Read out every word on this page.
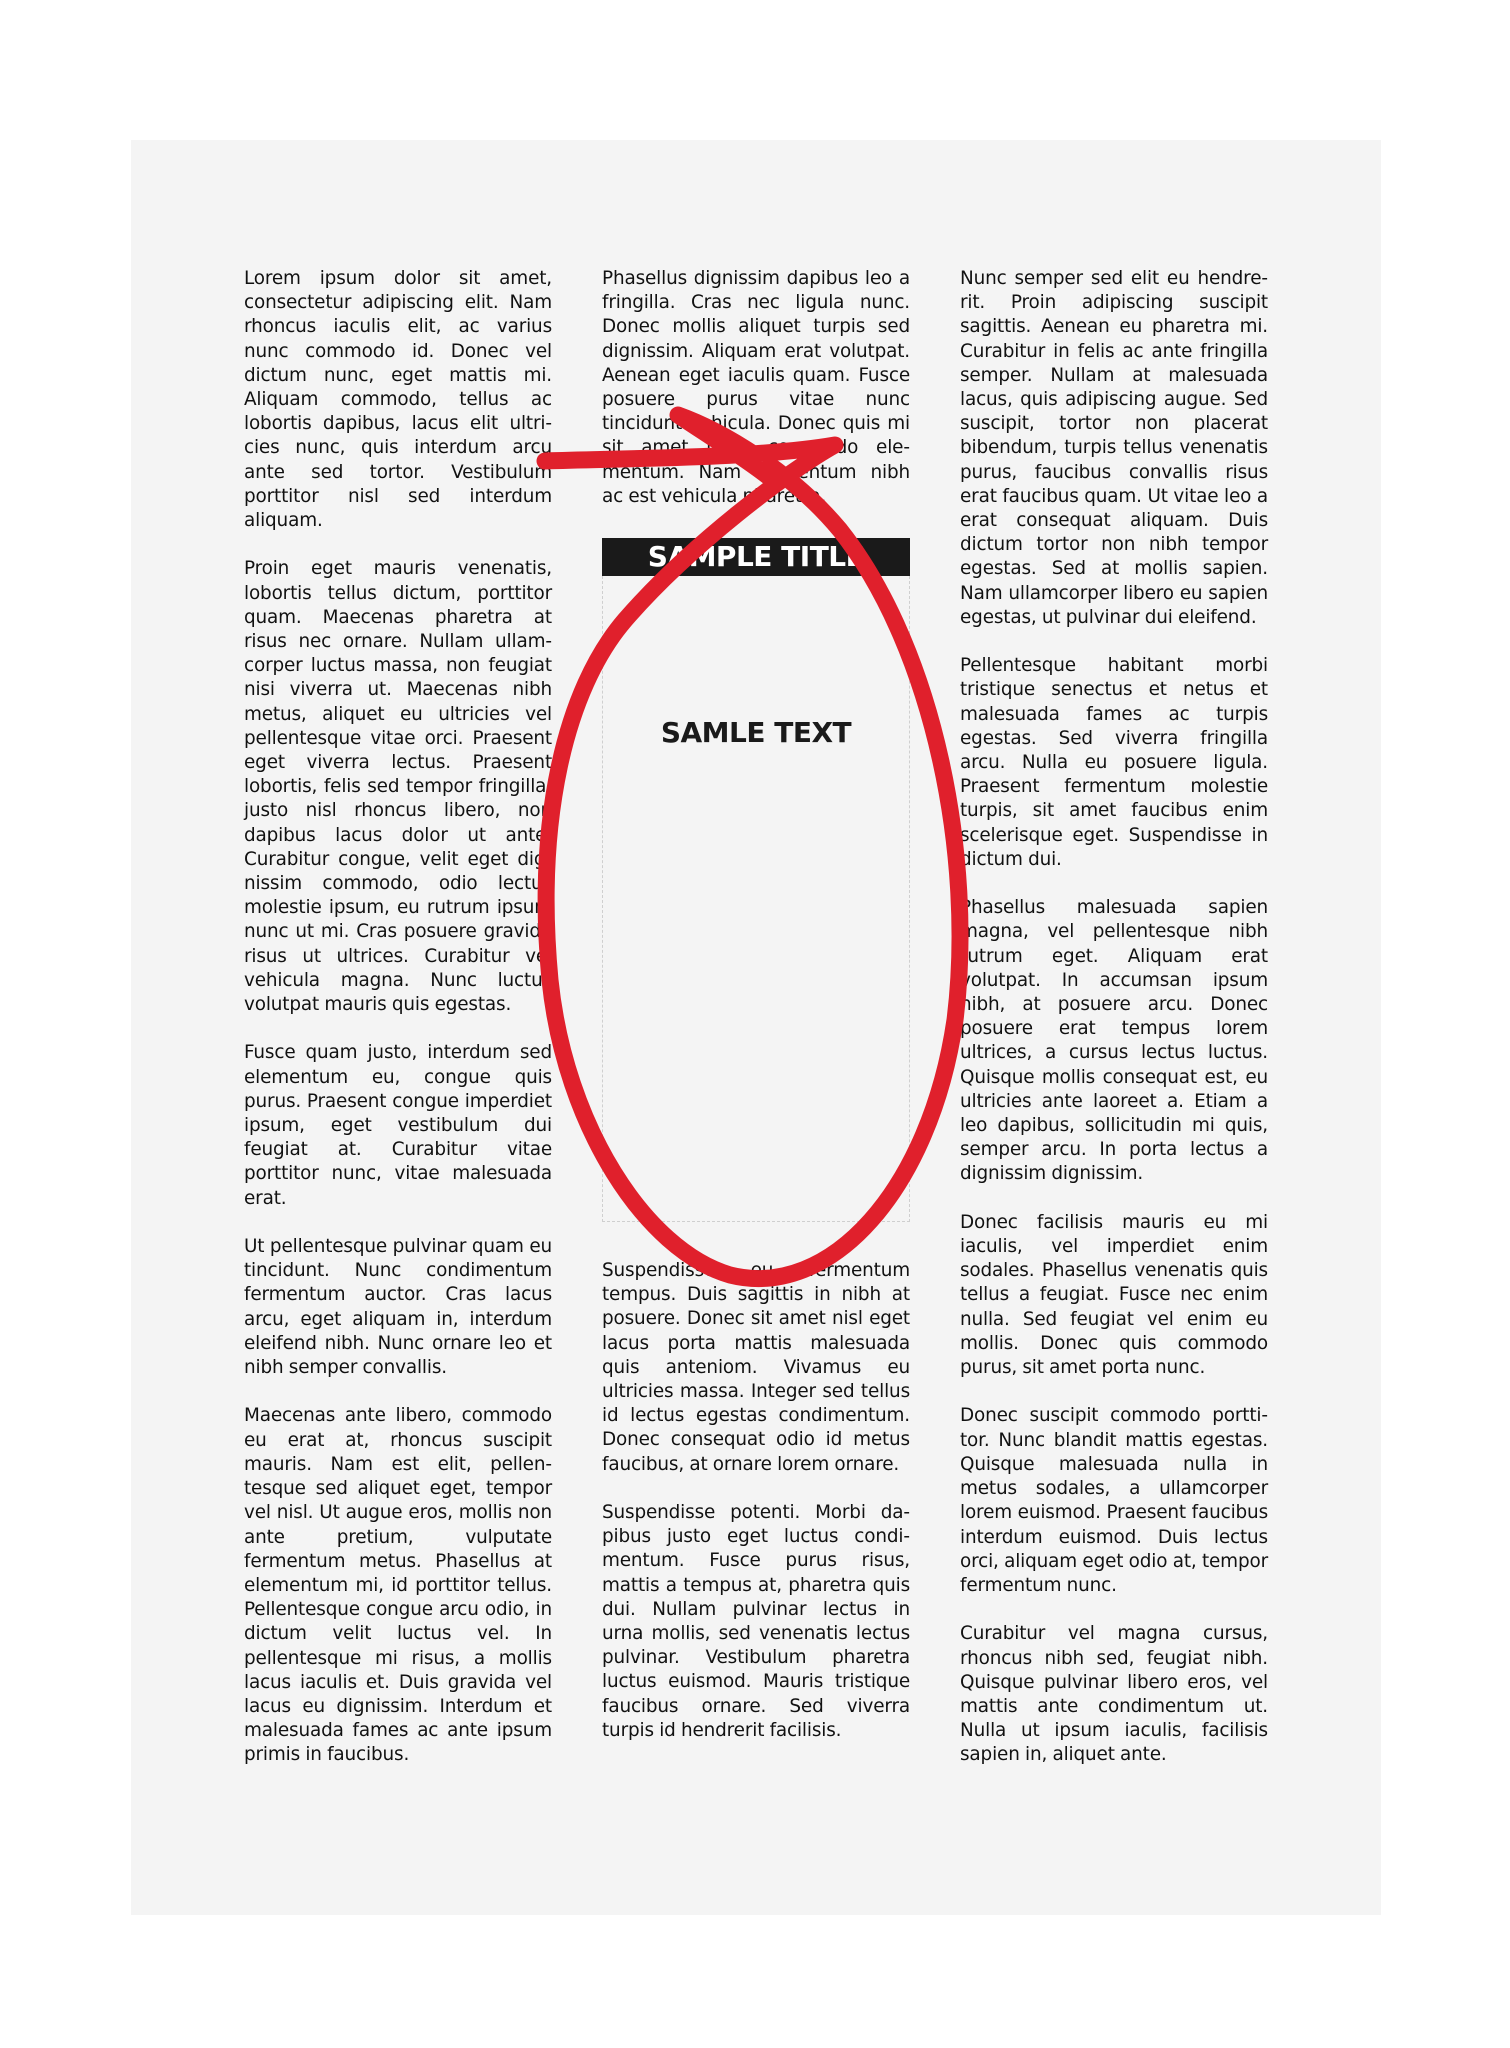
Lorem ipsum dolor sit amet, consectetur adipiscing elit. Nam rhoncus iaculis elit, ac varius nunc commodo id. Donec vel dictum nunc, eget mattis mi. Aliquam commodo, tellus ac lobortis dapibus, lacus elit ultricies nunc, quis interdum arcu ante sed tortor. Vestibulum porttitor nisl sed interdum aliquam.

Proin eget mauris venenatis, lobortis tellus dictum, porttitor quam. Maecenas pharetra at risus nec ornare. Nullam ullamcorper luctus massa, non feugiat nisi viverra ut. Maecenas nibh metus, aliquet eu ultricies vel pellentesque vitae orci. Praesent eget viverra lectus. Praesent lobortis, felis sed tempor fringilla, justo nisl rhoncus libero, non dapibus lacus dolor ut ante. Curabitur congue, velit eget dignissim commodo, odio lectus molestie ipsum, eu rutrum ipsum nunc ut mi. Cras posuere gravida risus ut ultrices. Curabitur vel vehicula magna. Nunc luctus volutpat mauris quis egestas.

Fusce quam justo, interdum sed elementum eu, congue quis purus. Praesent congue imperdiet ipsum, eget vestibulum dui feugiat at. Curabitur vitae porttitor nunc, vitae malesuada erat.

Ut pellentesque pulvinar quam eu tincidunt. Nunc condimentum fermentum auctor. Cras lacus arcu, eget aliquam in, interdum eleifend nibh. Nunc ornare leo et nibh semper convallis.

Maecenas ante libero, commodo eu erat at, rhoncus suscipit mauris. Nam est elit, pellentesque sed aliquet eget, tempor vel nisl. Ut augue eros, mollis non ante pretium, vulputate fermentum metus. Phasellus at elementum mi, id porttitor tellus. Pellentesque congue arcu odio, in dictum velit luctus vel. In pellentesque mi risus, a mollis lacus iaculis et. Duis gravida vel lacus eu dignissim. Interdum et malesuada fames ac ante ipsum primis in faucibus.

Phasellus dignissim dapibus leo a fringilla. Cras nec ligula nunc. Donec mollis aliquet turpis sed dignissim. Aliquam erat volutpat. Aenean eget iaculis quam. Fusce posuere purus vitae nunc tincidunt vehicula. Donec quis mi sit amet justo commodo elementum. Nam fermentum nibh ac est vehicula pharetra.

SAMPLE TITLE
SAMLE TEXT

Suspendisse eu fermentum tempus. Duis sagittis in nibh at posuere. Donec sit amet nisl eget lacus porta mattis malesuada quis anteniom. Vivamus eu ultricies massa. Integer sed tellus id lectus egestas condimentum. Donec consequat odio id metus faucibus, at ornare lorem ornare.

Suspendisse potenti. Morbi dapibus justo eget luctus condimentum. Fusce purus risus, mattis a tempus at, pharetra quis dui. Nullam pulvinar lectus in urna mollis, sed venenatis lectus pulvinar. Vestibulum pharetra luctus euismod. Mauris tristique faucibus ornare. Sed viverra turpis id hendrerit facilisis.

Nunc semper sed elit eu hendrerit. Proin adipiscing suscipit sagittis. Aenean eu pharetra mi. Curabitur in felis ac ante fringilla semper. Nullam at malesuada lacus, quis adipiscing augue. Sed suscipit, tortor non placerat bibendum, turpis tellus venenatis purus, faucibus convallis risus erat faucibus quam. Ut vitae leo a erat consequat aliquam. Duis dictum tortor non nibh tempor egestas. Sed at mollis sapien. Nam ullamcorper libero eu sapien egestas, ut pulvinar dui eleifend.

Pellentesque habitant morbi tristique senectus et netus et malesuada fames ac turpis egestas. Sed viverra fringilla arcu. Nulla eu posuere ligula. Praesent fermentum molestie turpis, sit amet faucibus enim scelerisque eget. Suspendisse in dictum dui.

Phasellus malesuada sapien magna, vel pellentesque nibh rutrum eget. Aliquam erat volutpat. In accumsan ipsum nibh, at posuere arcu. Donec posuere erat tempus lorem ultrices, a cursus lectus luctus. Quisque mollis consequat est, eu ultricies ante laoreet a. Etiam a leo dapibus, sollicitudin mi quis, semper arcu. In porta lectus a dignissim dignissim.

Donec facilisis mauris eu mi iaculis, vel imperdiet enim sodales. Phasellus venenatis quis tellus a feugiat. Fusce nec enim nulla. Sed feugiat vel enim eu mollis. Donec quis commodo purus, sit amet porta nunc.

Donec suscipit commodo porttitor. Nunc blandit mattis egestas. Quisque malesuada nulla in metus sodales, a ullamcorper lorem euismod. Praesent faucibus interdum euismod. Duis lectus orci, aliquam eget odio at, tempor fermentum nunc.

Curabitur vel magna cursus, rhoncus nibh sed, feugiat nibh. Quisque pulvinar libero eros, vel mattis ante condimentum ut. Nulla ut ipsum iaculis, facilisis sapien in, aliquet ante.
